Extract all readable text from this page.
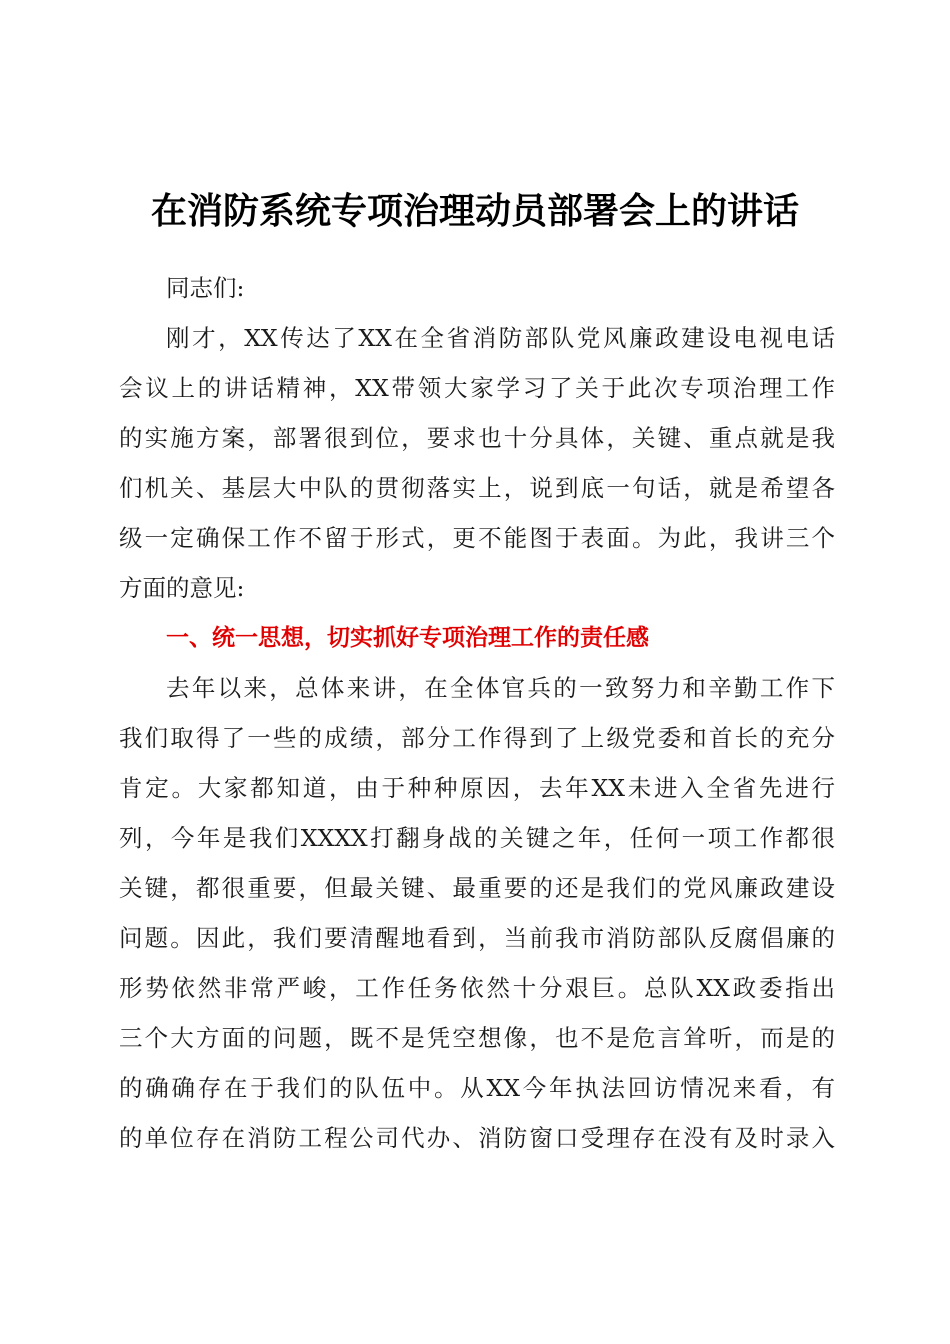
在消防系统专项治理动员部署会上的讲话
同志们:
刚才，XX传达了XX在全省消防部队党风廉政建设电视电话
会议上的讲话精神，XX带领大家学习了关于此次专项治理工作
的实施方案，部署很到位，要求也十分具体，关键、重点就是我
们机关、基层大中队的贯彻落实上，说到底一句话，就是希望各
级一定确保工作不留于形式，更不能图于表面。为此，我讲三个
方面的意见:
一、统一思想，切实抓好专项治理工作的责任感
去年以来，总体来讲，在全体官兵的一致努力和辛勤工作下
我们取得了一些的成绩，部分工作得到了上级党委和首长的充分
肯定。大家都知道，由于种种原因，去年XX未进入全省先进行
列，今年是我们XXXX打翻身战的关键之年，任何一项工作都很
关键，都很重要，但最关键、最重要的还是我们的党风廉政建设
问题。因此，我们要清醒地看到，当前我市消防部队反腐倡廉的
形势依然非常严峻，工作任务依然十分艰巨。总队XX政委指出
三个大方面的问题，既不是凭空想像，也不是危言耸听，而是的
的确确存在于我们的队伍中。从XX今年执法回访情况来看，有
的单位存在消防工程公司代办、消防窗口受理存在没有及时录入
